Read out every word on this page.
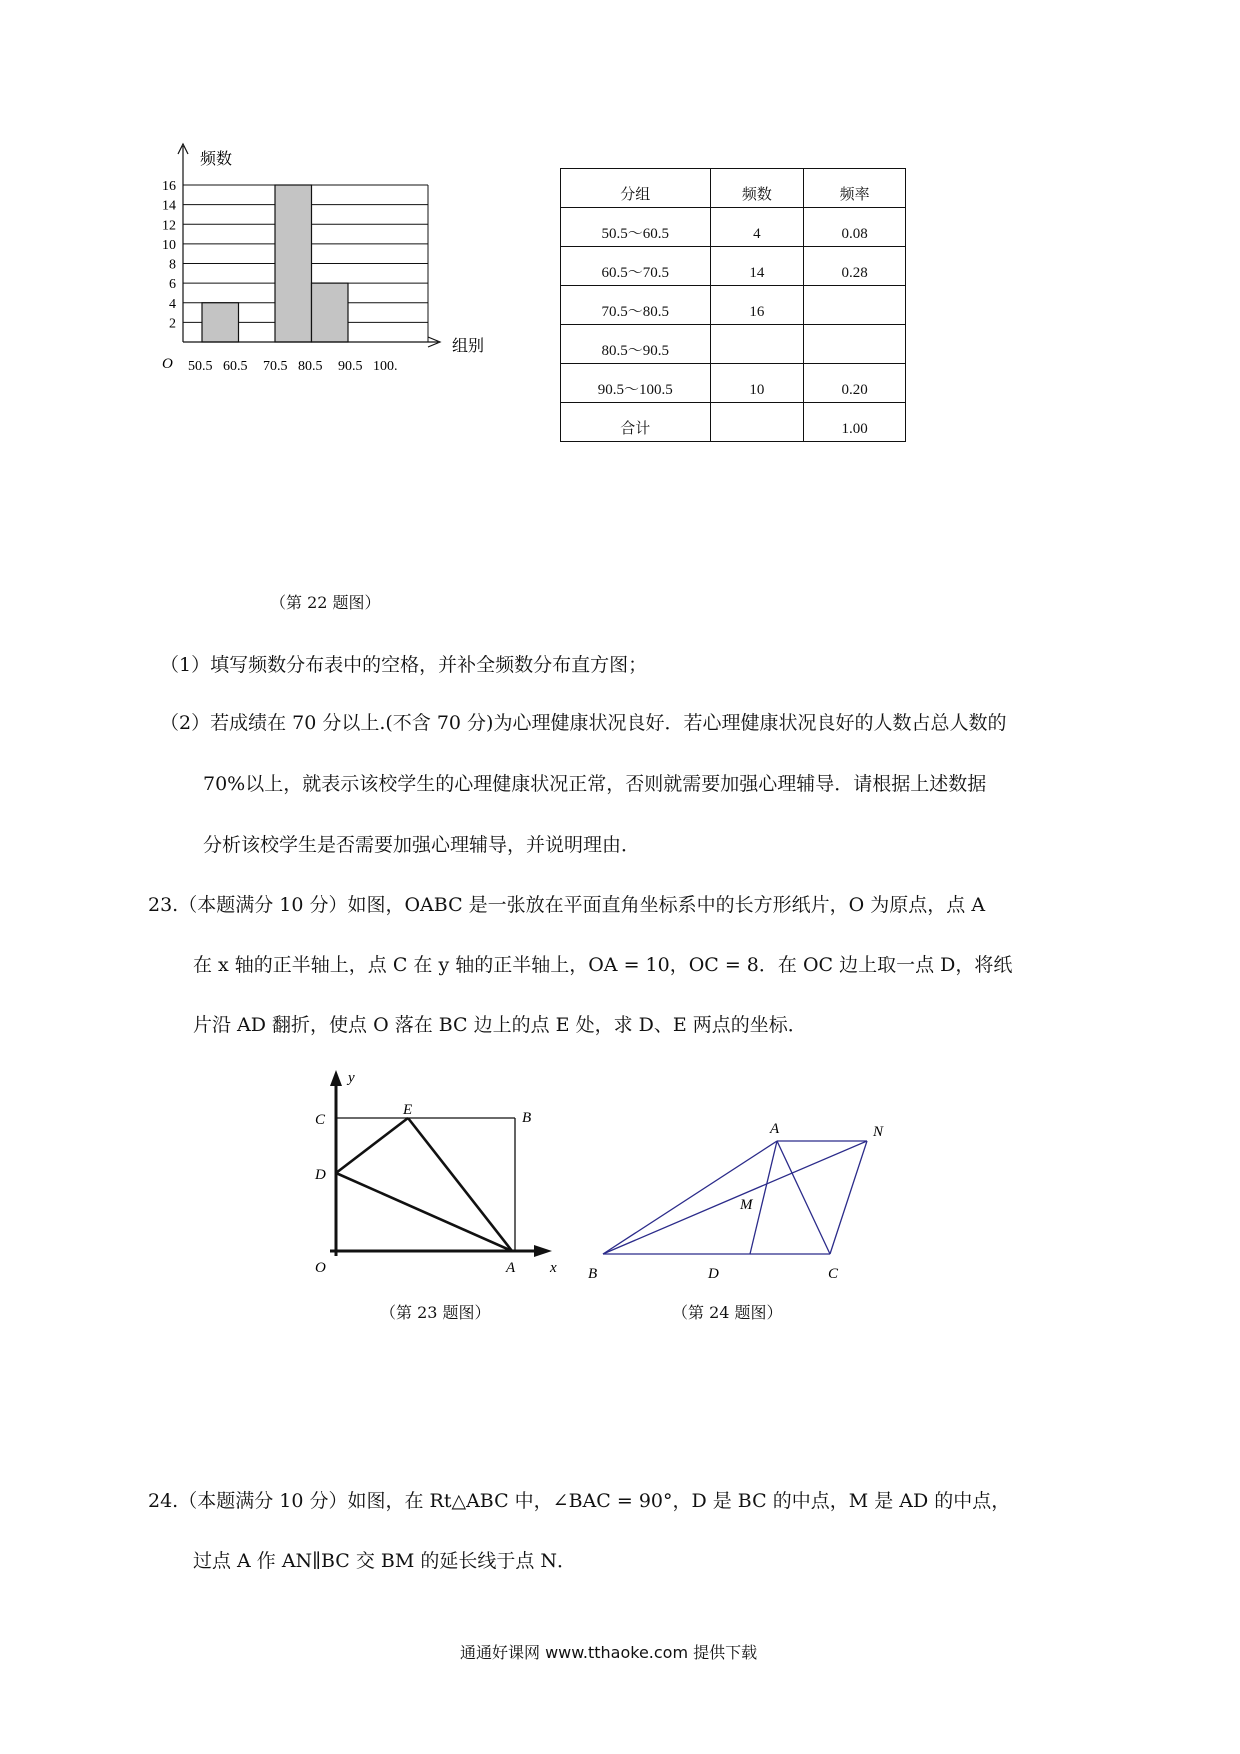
频数
组别
O
2
4
6
8
10
12
14
16
50.5 60.5 70.5 80.5 90.5 100.
分组	频数	频率
50.5～60.5	4	0.08
60.5～70.5	14	0.28
70.5～80.5	16	
80.5～90.5		
90.5～100.5	10	0.20
合计		1.00
（第 22 题图）
（1）填写频数分布表中的空格，并补全频数分布直方图；
（2）若成绩在 70 分以上.(不含 70 分)为心理健康状况良好．若心理健康状况良好的人数占总人数的
70%以上，就表示该校学生的心理健康状况正常，否则就需要加强心理辅导．请根据上述数据
分析该校学生是否需要加强心理辅导，并说明理由．
23.（本题满分 10 分）如图，OABC 是一张放在平面直角坐标系中的长方形纸片，O 为原点，点 A
在 x 轴的正半轴上，点 C 在 y 轴的正半轴上，OA = 10，OC = 8．在 OC 边上取一点 D，将纸
片沿 AD 翻折，使点 O 落在 BC 边上的点 E 处，求 D、E 两点的坐标．
y
C
E	B
D
O	A x
（第 23 题图）
A	N
M
B	D	C
（第 24 题图）
24.（本题满分 10 分）如图，在 Rt△ABC 中，∠BAC = 90°，D 是 BC 的中点，M 是 AD 的中点，
过点 A 作 AN∥BC 交 BM 的延长线于点 N．
通通好课网 www.tthaoke.com 提供下载
